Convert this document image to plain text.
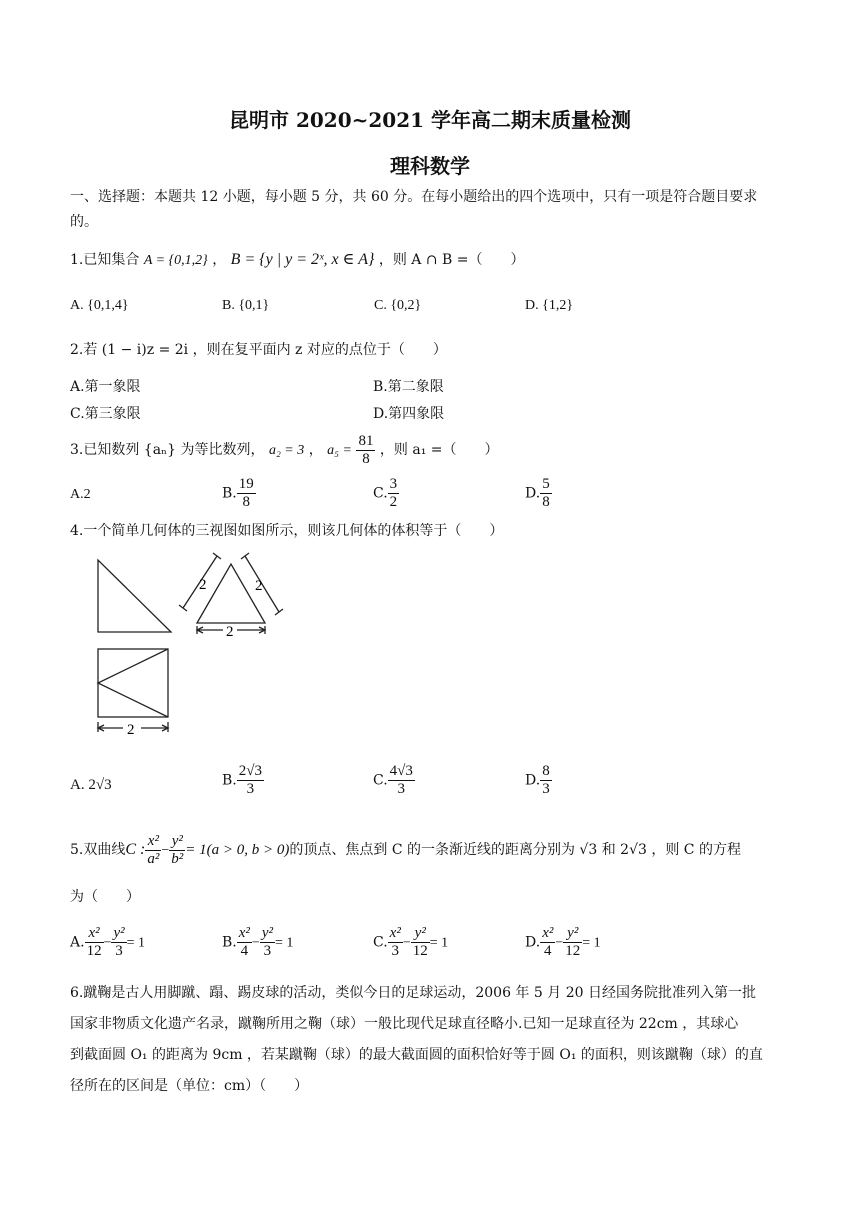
昆明市 2020~2021 学年高二期末质量检测
理科数学
一、选择题：本题共 12 小题，每小题 5 分，共 60 分。在每小题给出的四个选项中，只有一项是符合题目要求
的。
1.已知集合 A = {0,1,2} ， B = {y | y = 2ˣ, x ∈ A} ，则 A ∩ B =（　　）
A. {0,1,4}	B. {0,1}	C. {0,2}	D. {1,2}
2.若 (1 − i)z = 2i ，则在复平面内 z 对应的点位于（　　）
A.第一象限	B.第二象限
C.第三象限	D.第四象限
3.已知数列 {aₙ} 为等比数列， a₂ = 3 ， $a_5 = \frac{81}{8}$ ，则 a₁ =（　　）
A.2	B. $\frac{19}{8}$	C. $\frac{3}{2}$	D. $\frac{5}{8}$
4.一个简单几何体的三视图如图所示，则该几何体的体积等于（　　）
2	2
2
2
A. 2√3	B. $\frac{2√3}{3}$	C. $\frac{4√3}{3}$	D. $\frac{8}{3}$
5.双曲线C : $\frac{\text{x²}}{\text{a²}} - \frac{\text{y²}}{\text{b²}} = 1(a > 0$, b > 0)的顶点、焦点到 C 的一条渐近线的距离分别为 √3 和 2√3 ，则 C 的方程
为（　　）
A. $\frac{\text{x²}}{12} - \frac{\text{y²}}{3} = 1$	B. $\frac{\text{x²}}{4} - \frac{\text{y²}}{3} = 1$	C. $\frac{\text{x²}}{3} - \frac{\text{y²}}{12} = 1$	D. $\frac{\text{x²}}{4} - \frac{\text{y²}}{12} = 1$
6.蹴鞠是古人用脚蹴、蹋、踢皮球的活动，类似今日的足球运动，2006 年 5 月 20 日经国务院批准列入第一批
国家非物质文化遗产名录，蹴鞠所用之鞠（球）一般比现代足球直径略小.已知一足球直径为 22cm ，其球心
到截面圆 O₁ 的距离为 9cm ，若某蹴鞠（球）的最大截面圆的面积恰好等于圆 O₁ 的面积，则该蹴鞠（球）的直
径所在的区间是（单位：cm）（　　）
